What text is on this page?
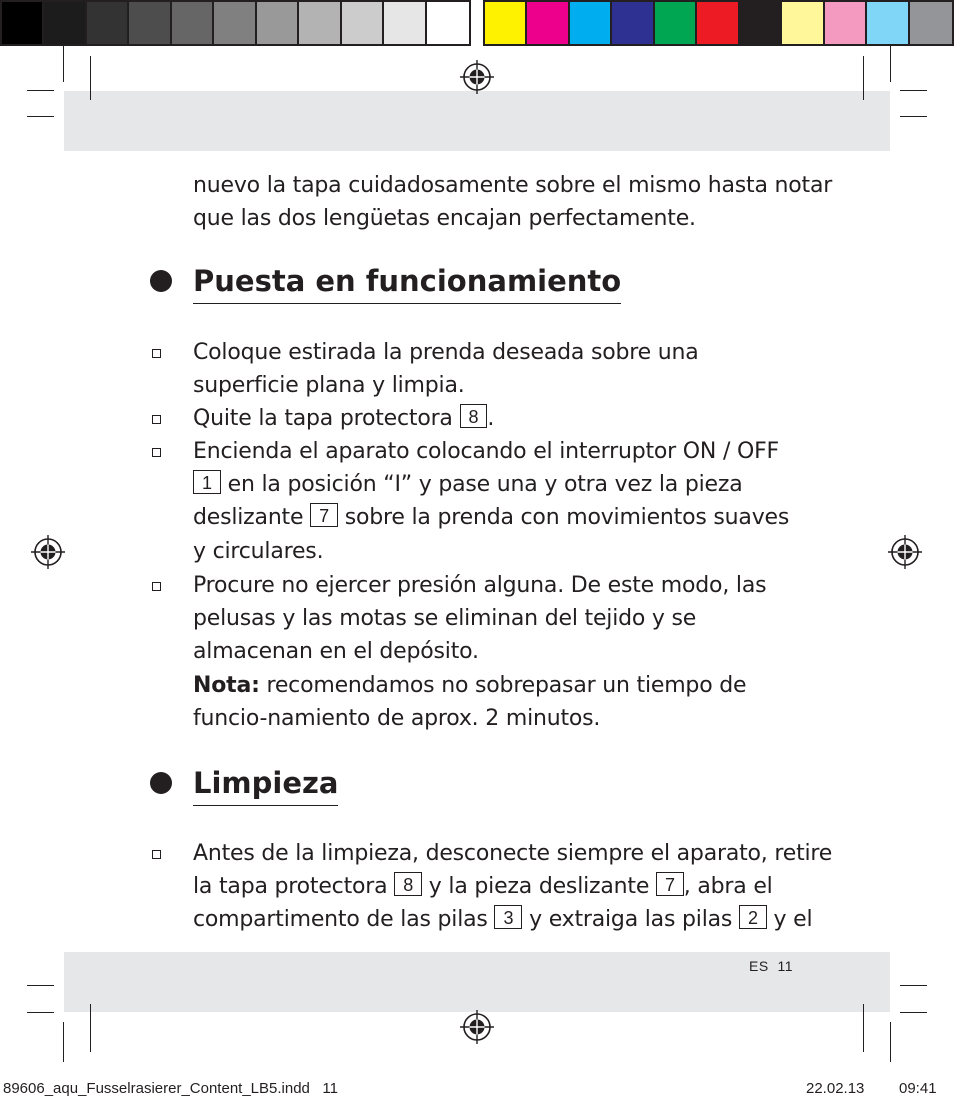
nuevo la tapa cuidadosamente sobre el mismo hasta notar

que las dos lengüetas encajan perfectamente.

Puesta en funcionamiento
Coloque estirada la prenda deseada sobre una superficie plana y limpia.
Quite la tapa protectora 8 .
Encienda el aparato colocando el interruptor ON / OFF
1 en la posición “I” y pase una y otra vez la pieza
deslizante 7 sobre la prenda con movimientos suaves
y circulares.
Procure no ejercer presión alguna. De este modo, las pelusas y las motas se eliminan del tejido y se almacenan en el depósito.
Nota: recomendamos no sobrepasar un tiempo de funcio-namiento de aprox. 2 minutos.
Limpieza
Antes de la limpieza, desconecte siempre el aparato, retire
la tapa protectora 8 y la pieza deslizante 7 , abra el
compartimento de las pilas 3 y extraiga las pilas 2 y el
ES 11
89606_aqu_Fusselrasierer_Content_LB5.indd   11	22.02.13 09:41
